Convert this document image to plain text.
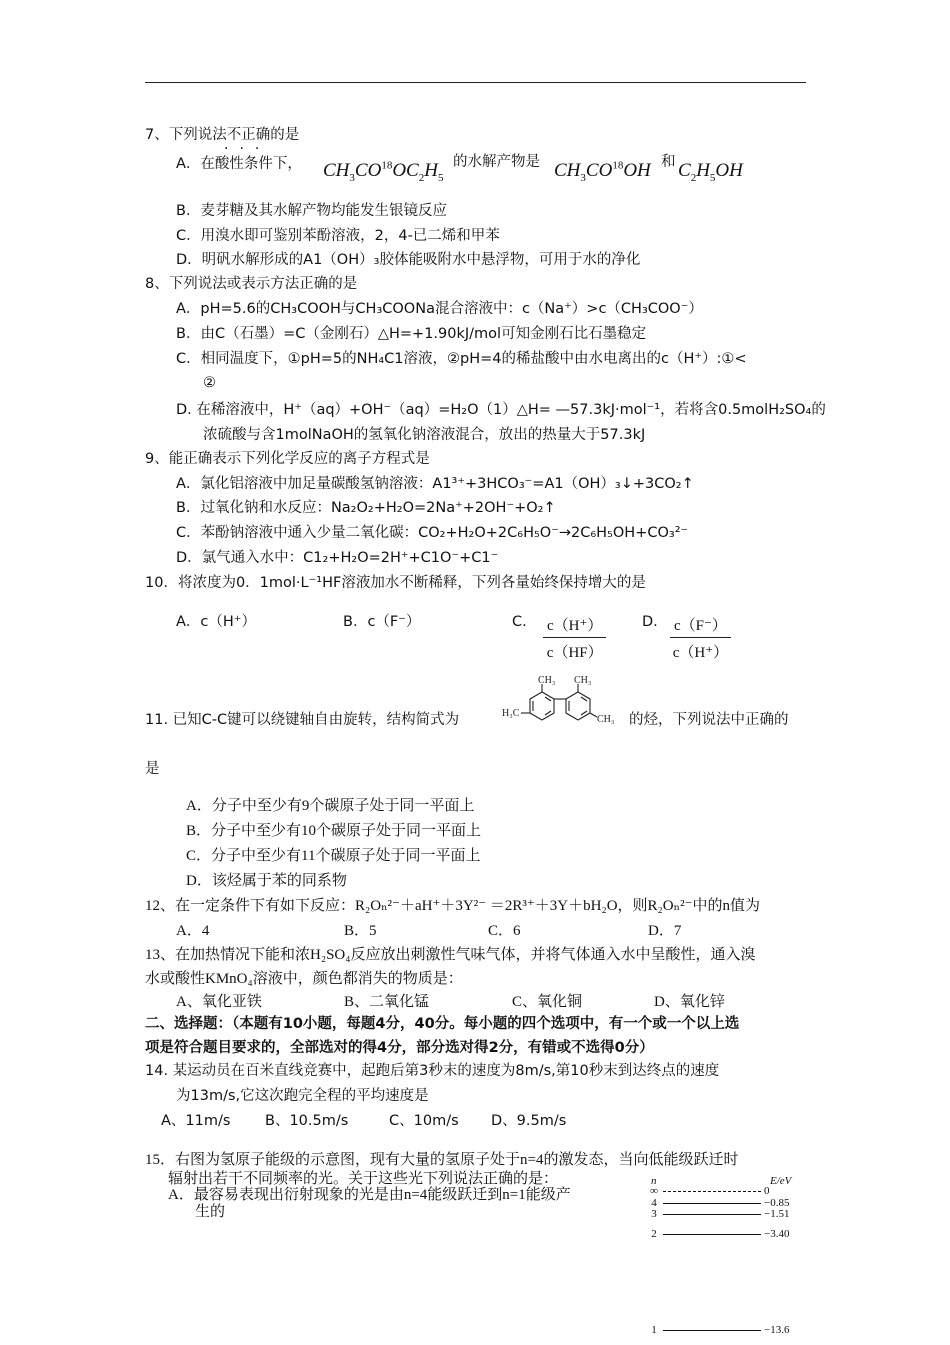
7、下列说法不正确的是
···
A．在酸性条件下， $CH_3CO^{18}OC_2H_5$
的水解产物是 $CH_3CO^{18}OH$ 和 $C_2H_5OH$
B．麦芽糖及其水解产物均能发生银镜反应
C．用溴水即可鉴别苯酚溶液，2，4-已二烯和甲苯
D．明矾水解形成的A1（OH）₃胶体能吸附水中悬浮物，可用于水的净化
8、下列说法或表示方法正确的是
A．pH=5.6的CH₃COOH与CH₃COONa混合溶液中：c（Na⁺）>c（CH₃COO⁻）
B．由C（石墨）=C（金刚石）△H=+1.90kJ/mol可知金刚石比石墨稳定
C．相同温度下，①pH=5的NH₄C1溶液，②pH=4的稀盐酸中由水电离出的c（H⁺）:①<
②
D. 在稀溶液中，H⁺（aq）+OH⁻（aq）=H₂O（1）△H= —57.3kJ·mol⁻¹，若将含0.5molH₂SO₄的
浓硫酸与含1molNaOH的氢氧化钠溶液混合，放出的热量大于57.3kJ
9、能正确表示下列化学反应的离子方程式是
A．氯化铝溶液中加足量碳酸氢钠溶液：A1³⁺+3HCO₃⁻=A1（OH）₃↓+3CO₂↑
B．过氧化钠和水反应：Na₂O₂+H₂O=2Na⁺+2OH⁻+O₂↑
C．苯酚钠溶液中通入少量二氧化碳：CO₂+H₂O+2C₆H₅O⁻→2C₆H₅OH+CO₃²⁻
D．氯气通入水中：C1₂+H₂O=2H⁺+C1O⁻+C1⁻
10．将浓度为0．1mol·L⁻¹HF溶液加水不断稀释，下列各量始终保持增大的是
A．c（H⁺）	B．c（F⁻）	C. $\frac{c(H^+)}{c(HF)} D$. $\frac{c(F^-)}{c(H^+)}$
11. 已知C-C键可以绕键轴自由旋转，结构简式为
CH₃ CH₃
H₃C
CH₃ 的烃，下列说法中正确的
是
A．分子中至少有9个碳原子处于同一平面上
B．分子中至少有10个碳原子处于同一平面上
C．分子中至少有11个碳原子处于同一平面上
D．该烃属于苯的同系物
12、在一定条件下有如下反应：R₂Oₙ²⁻＋aH⁺＋3Y²⁻ ＝2R³⁺＋3Y＋bH₂O，则R₂Oₙ²⁻中的n值为
A．4	B．5	C．6	D．7
13、在加热情况下能和浓H₂SO₄反应放出刺激性气味气体，并将气体通入水中呈酸性，通入溴
水或酸性KMnO₄溶液中，颜色都消失的物质是：
A、氧化亚铁	B、二氧化锰	C、氧化铜	D、氧化锌
二、选择题：（本题有10小题，每题4分，40分。每小题的四个选项中，有一个或一个以上选
项是符合题目要求的，全部选对的得4分，部分选对得2分，有错或不选得0分）
14. 某运动员在百米直线竞赛中，起跑后第3秒末的速度为8m/s,第10秒末到达终点的速度
为13m/s,它这次跑完全程的平均速度是
A、11m/s B、10.5m/s	C、10m/s D、9.5m/s
15．右图为氢原子能级的示意图，现有大量的氢原子处于n=4的激发态，当向低能级跃迁时
辐射出若干不同频率的光。关于这些光下列说法正确的是：
A．最容易表现出衍射现象的光是由n=4能级跃迁到n=1能级产
生的
n	E/eV
∞	0
4	−0.85
3	−1.51
2	−3.40
1	−13.6
